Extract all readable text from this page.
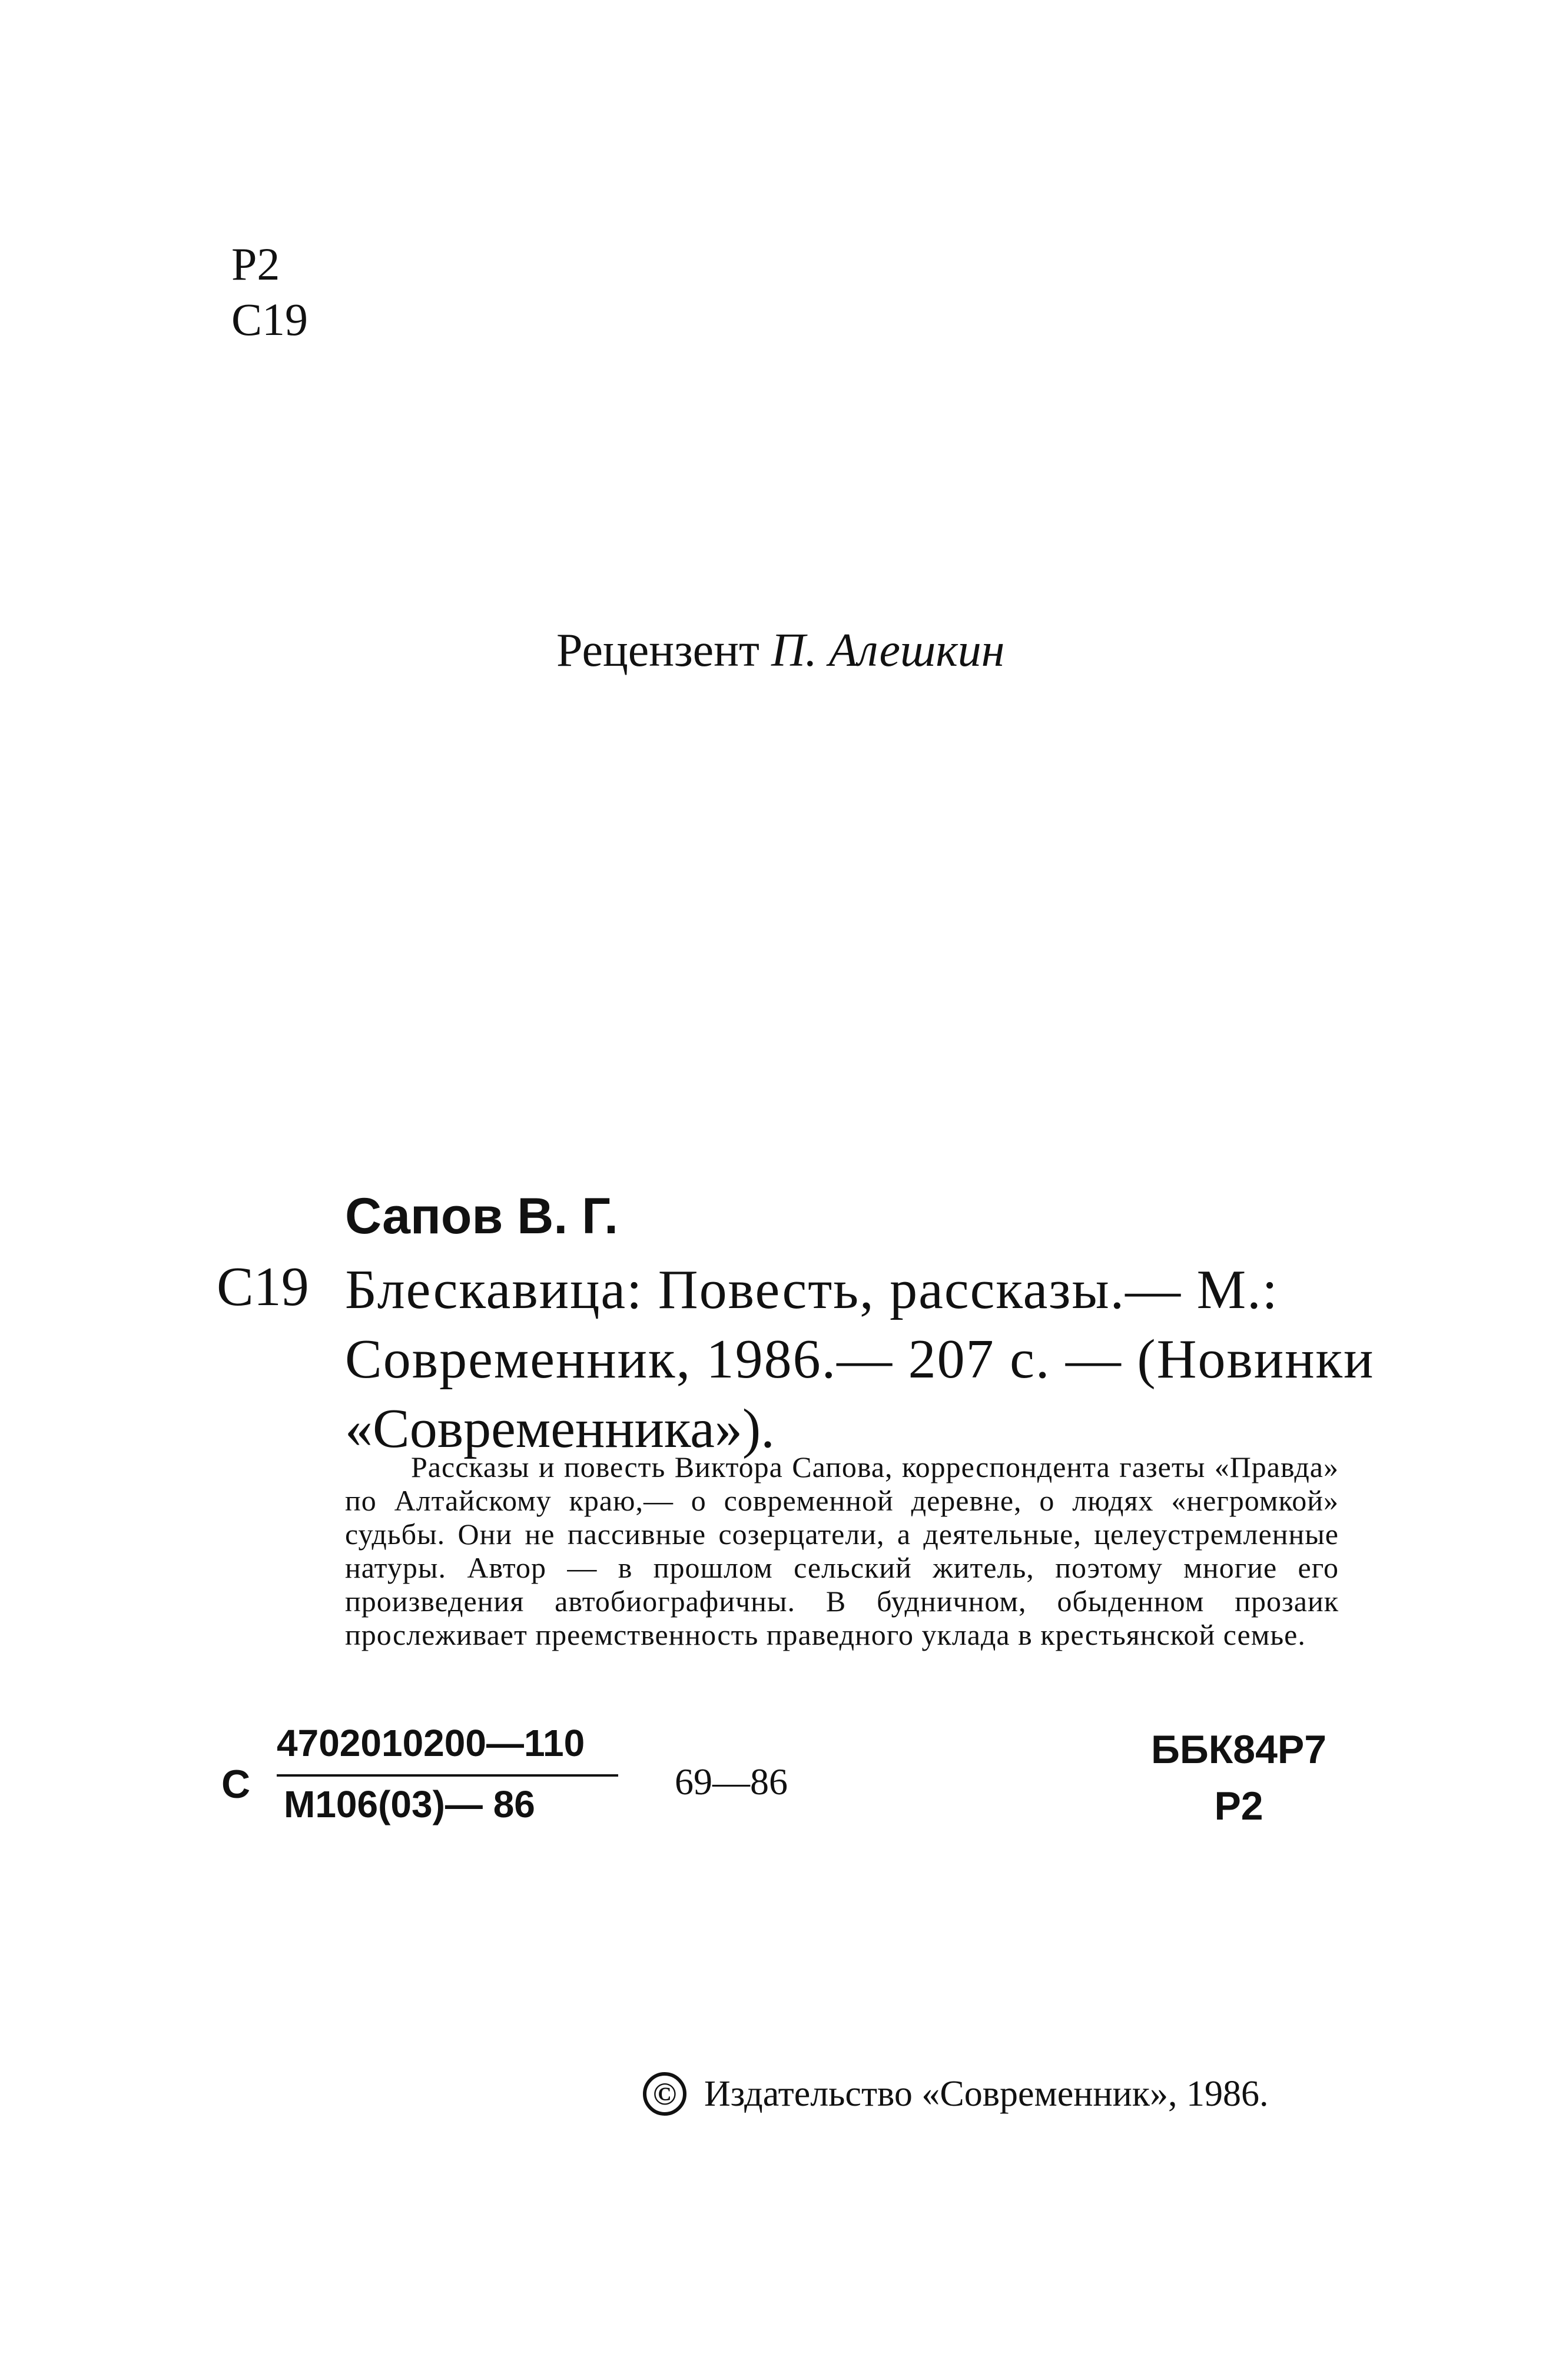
Р2
С19
Рецензент П. Алешкин
Сапов В. Г.
С19 Блескавица: Повесть, рассказы.— М.:
Современник, 1986.— 207 с. — (Новинки
«Современника»).
Рассказы и повесть Виктора Сапова, корреспондента газеты «Правда» по Алтайскому краю,— о современной деревне, о людях «негромкой» судьбы. Они не пассивные созерцатели, а деятельные, целеустремленные натуры. Автор — в прошлом сельский житель, поэтому многие его произведения автобиографичны. В будничном, обыденном прозаик прослеживает преемственность праведного уклада в крестьянской семье.
С
4702010200—110
М106(03)— 86
69—86
ББК84Р7
Р2
© Издательство «Современник», 1986.
